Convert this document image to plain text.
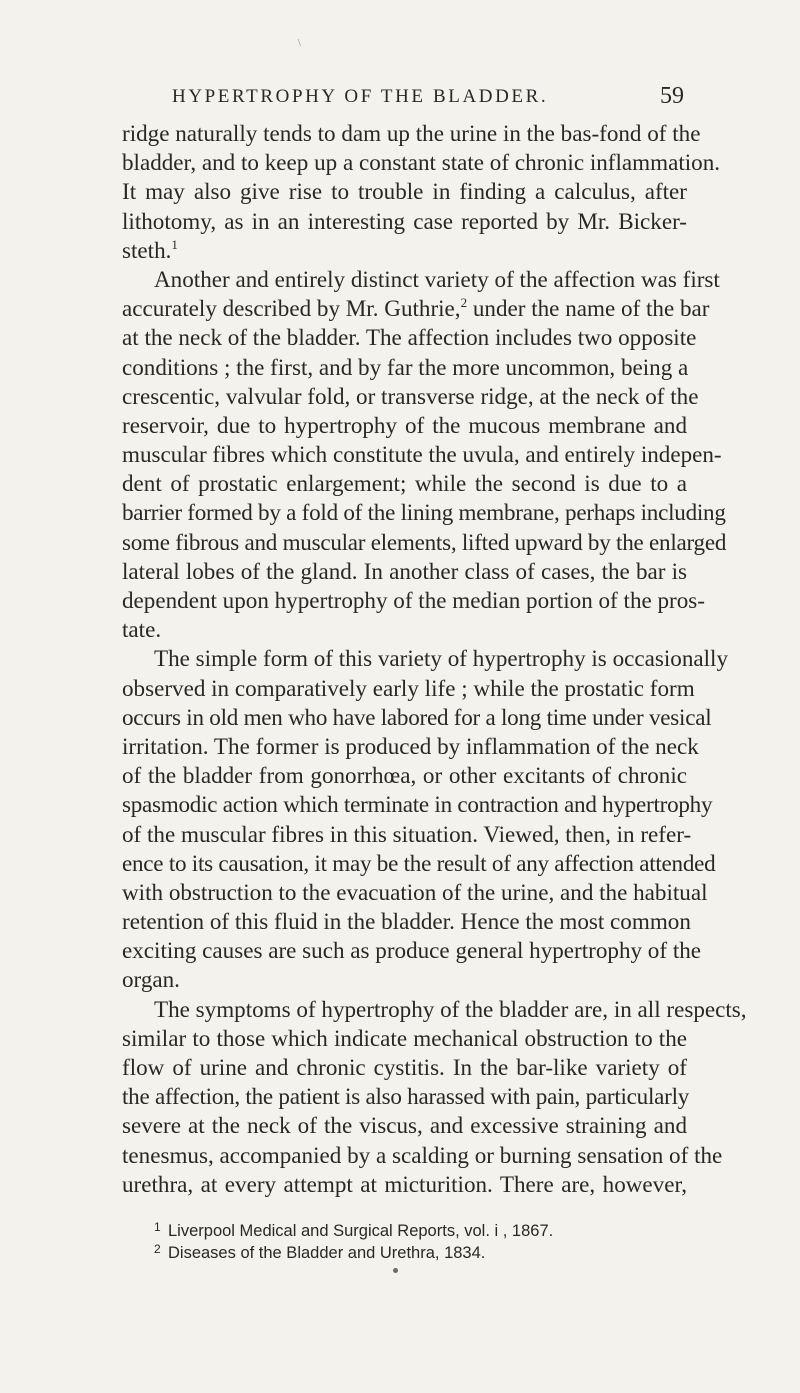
\
HYPERTROPHY OF THE BLADDER.	59
ridge naturally tends to dam up the urine in the bas-fond of the
bladder, and to keep up a constant state of chronic inflammation.
It may also give rise to trouble in finding a calculus, after
lithotomy, as in an interesting case reported by Mr. Bicker-
steth.$^1$
Another and entirely distinct variety of the affection was first
accurately described by Mr. Guthrie,$^2$ under the name of the bar
at the neck of the bladder. The affection includes two opposite
conditions ; the first, and by far the more uncommon, being a
crescentic, valvular fold, or transverse ridge, at the neck of the
reservoir, due to hypertrophy of the mucous membrane and
muscular fibres which constitute the uvula, and entirely indepen-
dent of prostatic enlargement; while the second is due to a
barrier formed by a fold of the lining membrane, perhaps including
some fibrous and muscular elements, lifted upward by the enlarged
lateral lobes of the gland. In another class of cases, the bar is
dependent upon hypertrophy of the median portion of the pros-
tate.
The simple form of this variety of hypertrophy is occasionally
observed in comparatively early life ; while the prostatic form
occurs in old men who have labored for a long time under vesical
irritation. The former is produced by inflammation of the neck
of the bladder from gonorrhœa, or other excitants of chronic
spasmodic action which terminate in contraction and hypertrophy
of the muscular fibres in this situation. Viewed, then, in refer-
ence to its causation, it may be the result of any affection attended
with obstruction to the evacuation of the urine, and the habitual
retention of this fluid in the bladder. Hence the most common
exciting causes are such as produce general hypertrophy of the
organ.
The symptoms of hypertrophy of the bladder are, in all respects,
similar to those which indicate mechanical obstruction to the
flow of urine and chronic cystitis. In the bar-like variety of
the affection, the patient is also harassed with pain, particularly
severe at the neck of the viscus, and excessive straining and
tenesmus, accompanied by a scalding or burning sensation of the
urethra, at every attempt at micturition. There are, however,
1 Liverpool Medical and Surgical Reports, vol. i , 1867.
2 Diseases of the Bladder and Urethra, 1834.
